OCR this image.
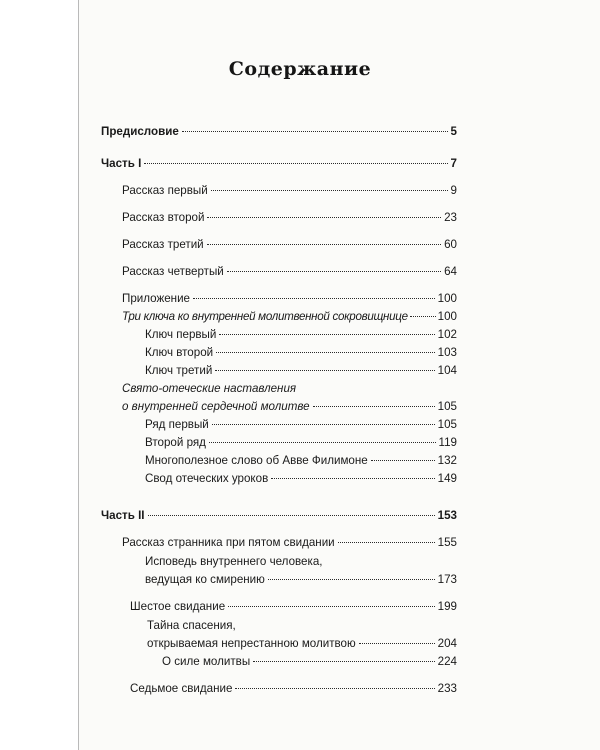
Содержание
Предисловие	5
Часть I	7
Рассказ первый	9
Рассказ второй	23
Рассказ третий	60
Рассказ четвертый	64
Приложение	100
Три ключа ко внутренней молитвенной сокровищнице	100
Ключ первый	102
Ключ второй	103
Ключ третий	104
Свято-отеческие наставления
о внутренней сердечной молитве	105
Ряд первый	105
Второй ряд	119
Многополезное слово об Авве Филимоне	132
Свод отеческих уроков	149
Часть II	153
Рассказ странника при пятом свидании	155
Исповедь внутреннего человека,
ведущая ко смирению	173
Шестое свидание	199
Тайна спасения,
открываемая непрестанною молитвою	204
О силе молитвы	224
Седьмое свидание	233
